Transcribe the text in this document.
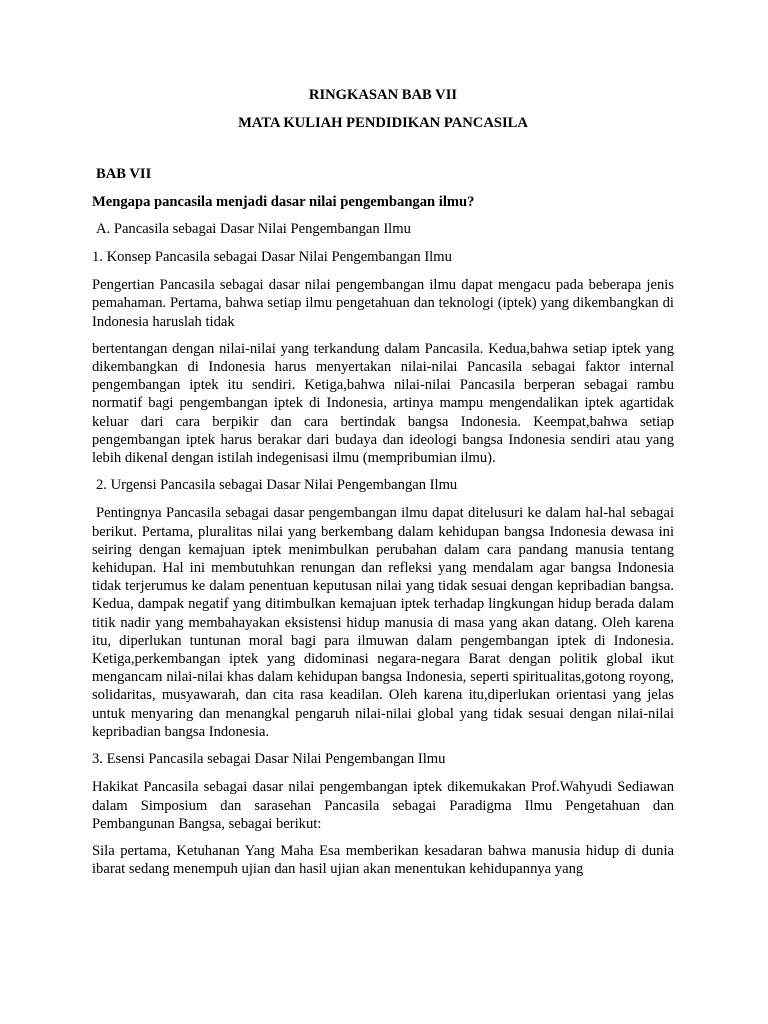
RINGKASAN BAB VII

MATA KULIAH PENDIDIKAN PANCASILA

BAB VII

Mengapa pancasila menjadi dasar nilai pengembangan ilmu?

A. Pancasila sebagai Dasar Nilai Pengembangan Ilmu

1. Konsep Pancasila sebagai Dasar Nilai Pengembangan Ilmu

Pengertian Pancasila sebagai dasar nilai pengembangan ilmu dapat mengacu pada beberapa jenis pemahaman. Pertama, bahwa setiap ilmu pengetahuan dan teknologi (iptek) yang dikembangkan di Indonesia haruslah tidak

bertentangan dengan nilai-nilai yang terkandung dalam Pancasila. Kedua,bahwa setiap iptek yang dikembangkan di Indonesia harus menyertakan nilai-nilai Pancasila sebagai faktor internal pengembangan iptek itu sendiri. Ketiga,bahwa nilai-nilai Pancasila berperan sebagai rambu normatif bagi pengembangan iptek di Indonesia, artinya mampu mengendalikan iptek agartidak keluar dari cara berpikir dan cara bertindak bangsa Indonesia. Keempat,bahwa setiap pengembangan iptek harus berakar dari budaya dan ideologi bangsa Indonesia sendiri atau yang lebih dikenal dengan istilah indegenisasi ilmu (mempribumian ilmu).

2. Urgensi Pancasila sebagai Dasar Nilai Pengembangan Ilmu

Pentingnya Pancasila sebagai dasar pengembangan ilmu dapat ditelusuri ke dalam hal-hal sebagai berikut. Pertama, pluralitas nilai yang berkembang dalam kehidupan bangsa Indonesia dewasa ini seiring dengan kemajuan iptek menimbulkan perubahan dalam cara pandang manusia tentang kehidupan. Hal ini membutuhkan renungan dan refleksi yang mendalam agar bangsa Indonesia tidak terjerumus ke dalam penentuan keputusan nilai yang tidak sesuai dengan kepribadian bangsa. Kedua, dampak negatif yang ditimbulkan kemajuan iptek terhadap lingkungan hidup berada dalam titik nadir yang membahayakan eksistensi hidup manusia di masa yang akan datang. Oleh karena itu, diperlukan tuntunan moral bagi para ilmuwan dalam pengembangan iptek di Indonesia. Ketiga,perkembangan iptek yang didominasi negara-negara Barat dengan politik global ikut mengancam nilai-nilai khas dalam kehidupan bangsa Indonesia, seperti spiritualitas,gotong royong, solidaritas, musyawarah, dan cita rasa keadilan. Oleh karena itu,diperlukan orientasi yang jelas untuk menyaring dan menangkal pengaruh nilai-nilai global yang tidak sesuai dengan nilai-nilai kepribadian bangsa Indonesia.

3. Esensi Pancasila sebagai Dasar Nilai Pengembangan Ilmu

Hakikat Pancasila sebagai dasar nilai pengembangan iptek dikemukakan Prof.Wahyudi Sediawan dalam Simposium dan sarasehan Pancasila sebagai Paradigma Ilmu Pengetahuan dan Pembangunan Bangsa, sebagai berikut:

Sila pertama, Ketuhanan Yang Maha Esa memberikan kesadaran bahwa manusia hidup di dunia ibarat sedang menempuh ujian dan hasil ujian akan menentukan kehidupannya yang
